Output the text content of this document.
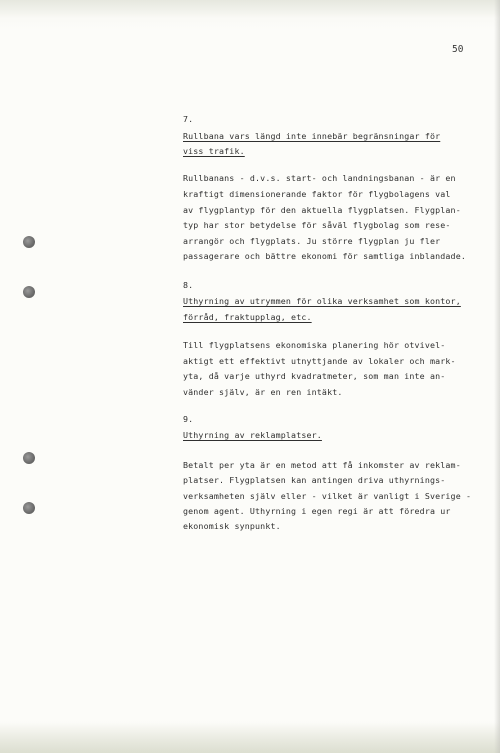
50
7.
Rullbana vars längd inte innebär begränsningar för
viss trafik.
Rullbanans - d.v.s. start- och landningsbanan - är en
kraftigt dimensionerande faktor för flygbolagens val
av flygplantyp för den aktuella flygplatsen. Flygplan-
typ har stor betydelse för såväl flygbolag som rese-
arrangör och flygplats. Ju större flygplan ju fler
passagerare och bättre ekonomi för samtliga inblandade.
8.
Uthyrning av utrymmen för olika verksamhet som kontor,
förråd, fraktupplag, etc.
Till flygplatsens ekonomiska planering hör otvivel-
aktigt ett effektivt utnyttjande av lokaler och mark-
yta, då varje uthyrd kvadratmeter, som man inte an-
vänder själv, är en ren intäkt.
9.
Uthyrning av reklamplatser.
Betalt per yta är en metod att få inkomster av reklam-
platser. Flygplatsen kan antingen driva uthyrnings-
verksamheten själv eller - vilket är vanligt i Sverige -
genom agent. Uthyrning i egen regi är att föredra ur
ekonomisk synpunkt.
